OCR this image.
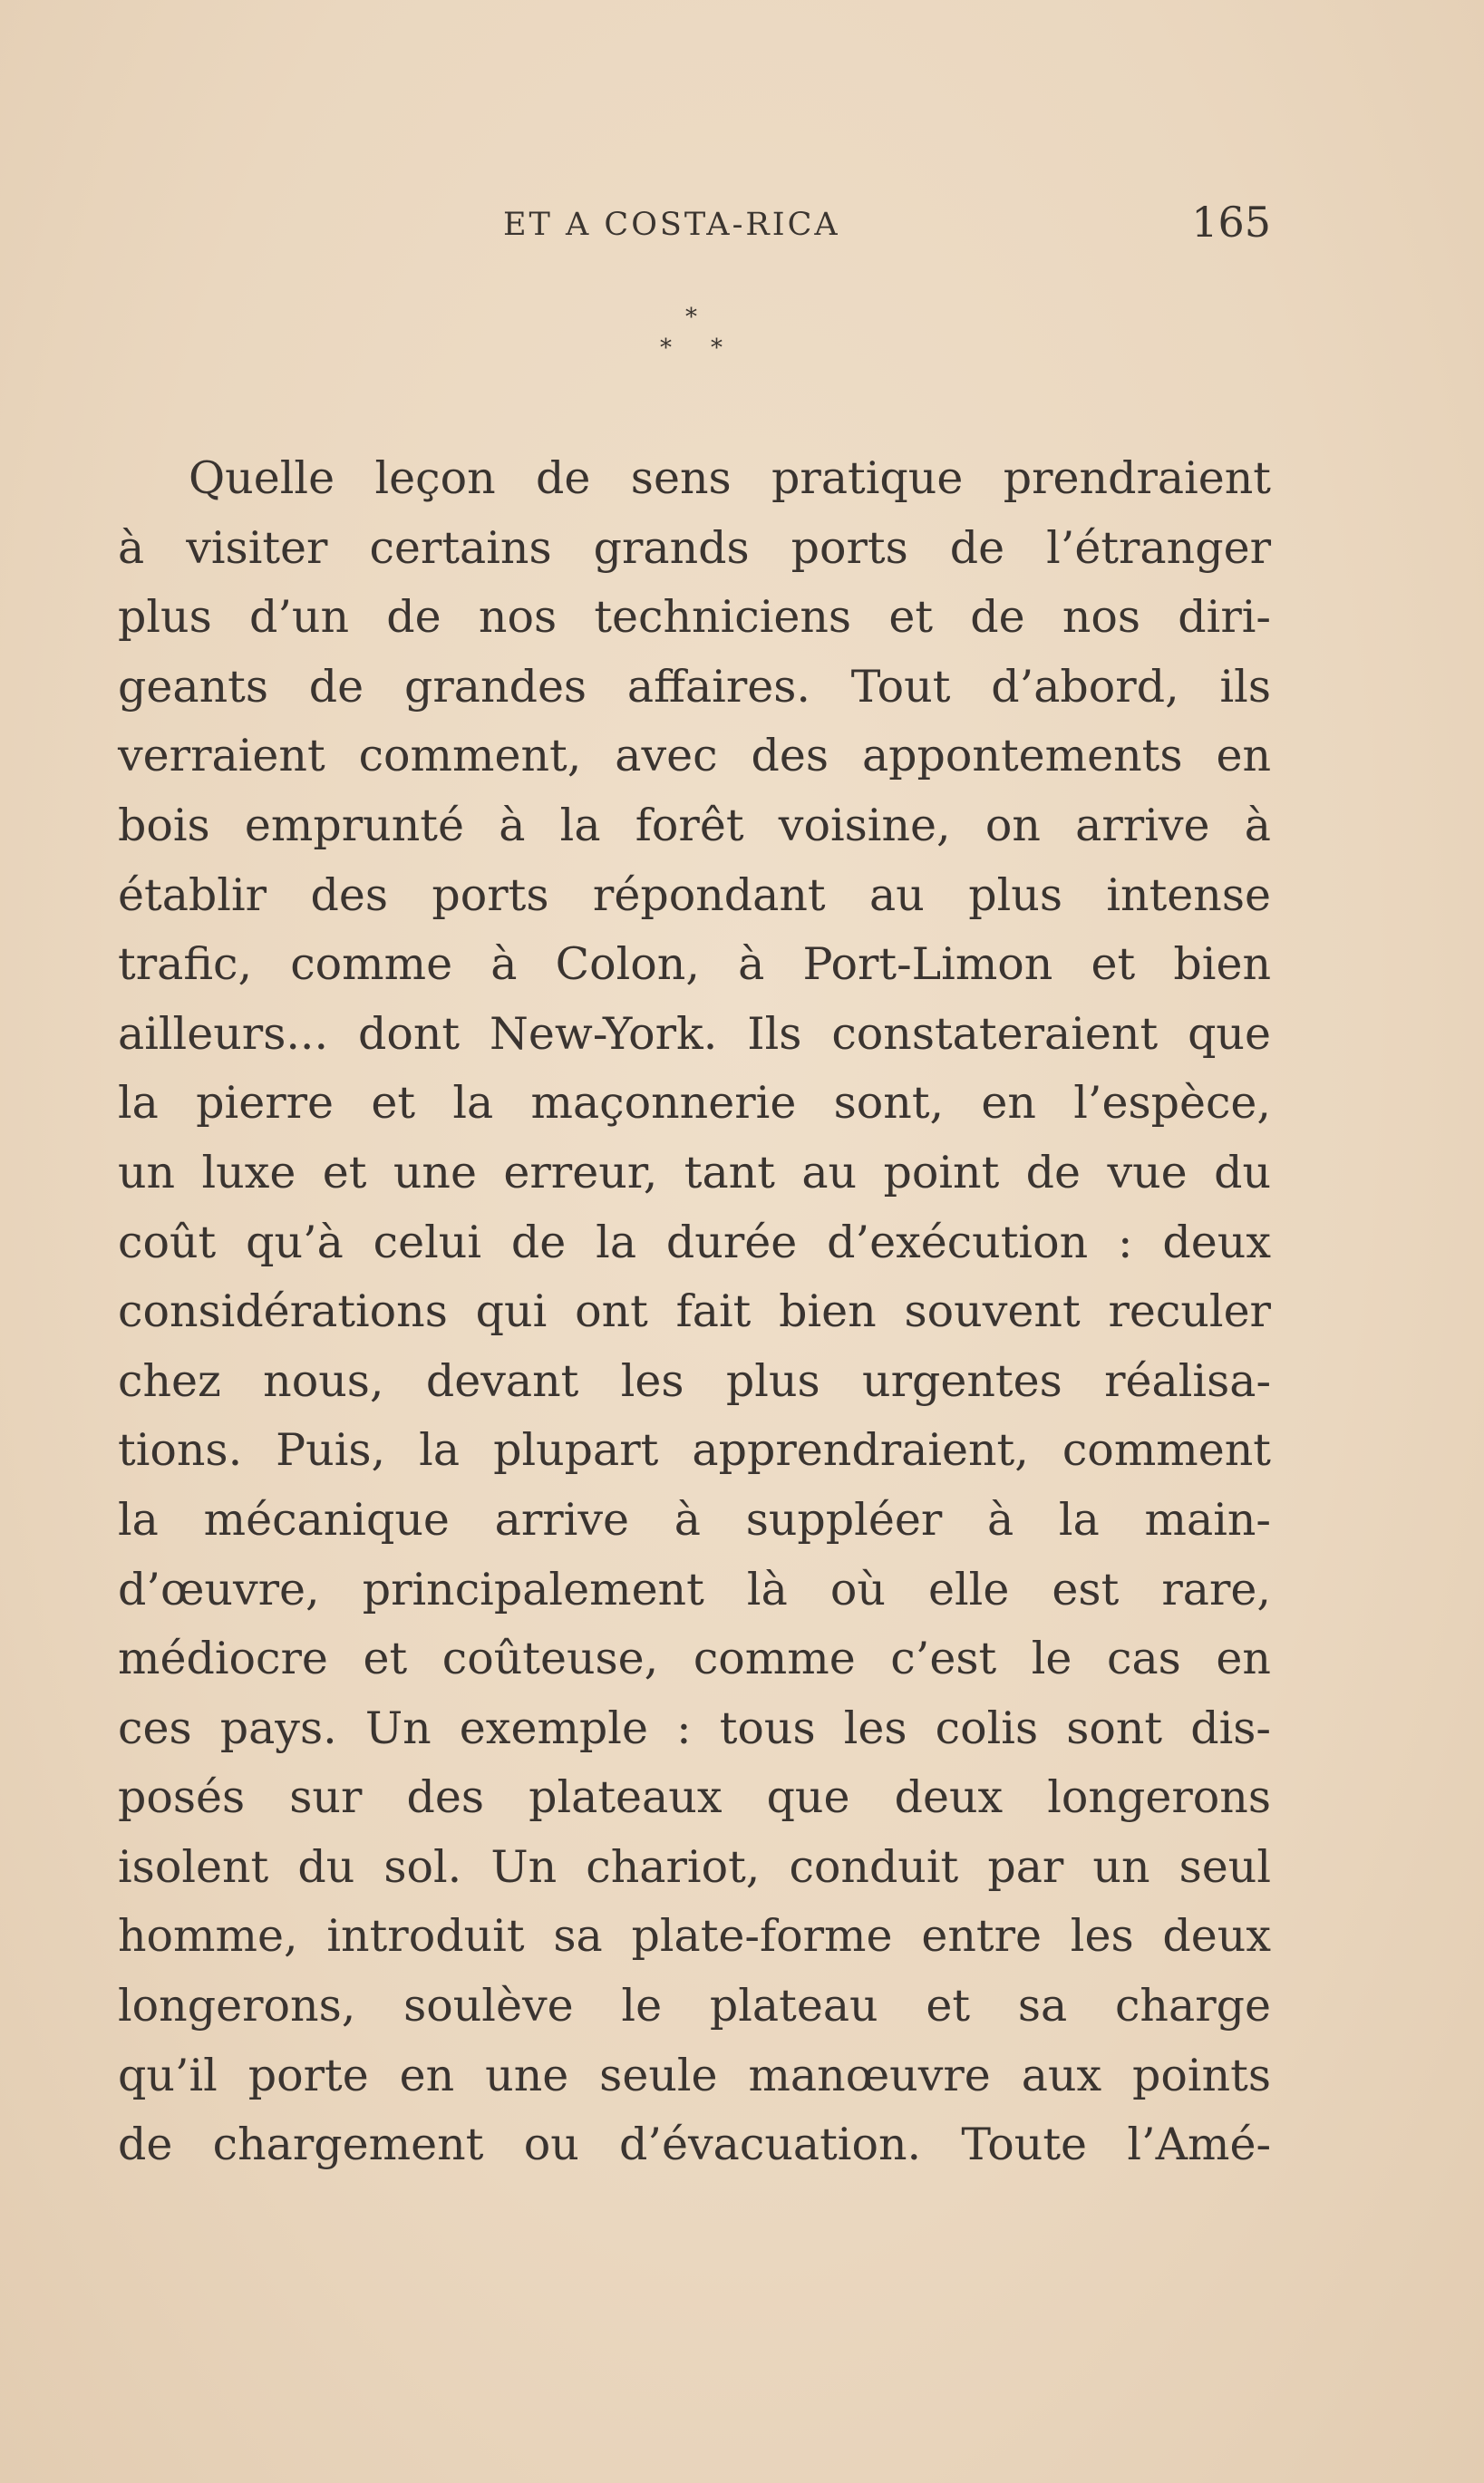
ET A COSTA-RICA	165
*
* *
Quelle leçon de sens pratique prendraient
à visiter certains grands ports de l’étranger
plus d’un de nos techniciens et de nos diri-
geants de grandes affaires. Tout d’abord, ils
verraient comment, avec des appontements en
bois emprunté à la forêt voisine, on arrive à
établir des ports répondant au plus intense
trafic, comme à Colon, à Port-Limon et bien
ailleurs... dont New-York. Ils constateraient que
la pierre et la maçonnerie sont, en l’espèce,
un luxe et une erreur, tant au point de vue du
coût qu’à celui de la durée d’exécution : deux
considérations qui ont fait bien souvent reculer
chez nous, devant les plus urgentes réalisa-
tions. Puis, la plupart apprendraient, comment
la mécanique arrive à suppléer à la main-
d’œuvre, principalement là où elle est rare,
médiocre et coûteuse, comme c’est le cas en
ces pays. Un exemple : tous les colis sont dis-
posés sur des plateaux que deux longerons
isolent du sol. Un chariot, conduit par un seul
homme, introduit sa plate-forme entre les deux
longerons, soulève le plateau et sa charge
qu’il porte en une seule manœuvre aux points
de chargement ou d’évacuation. Toute l’Amé-
